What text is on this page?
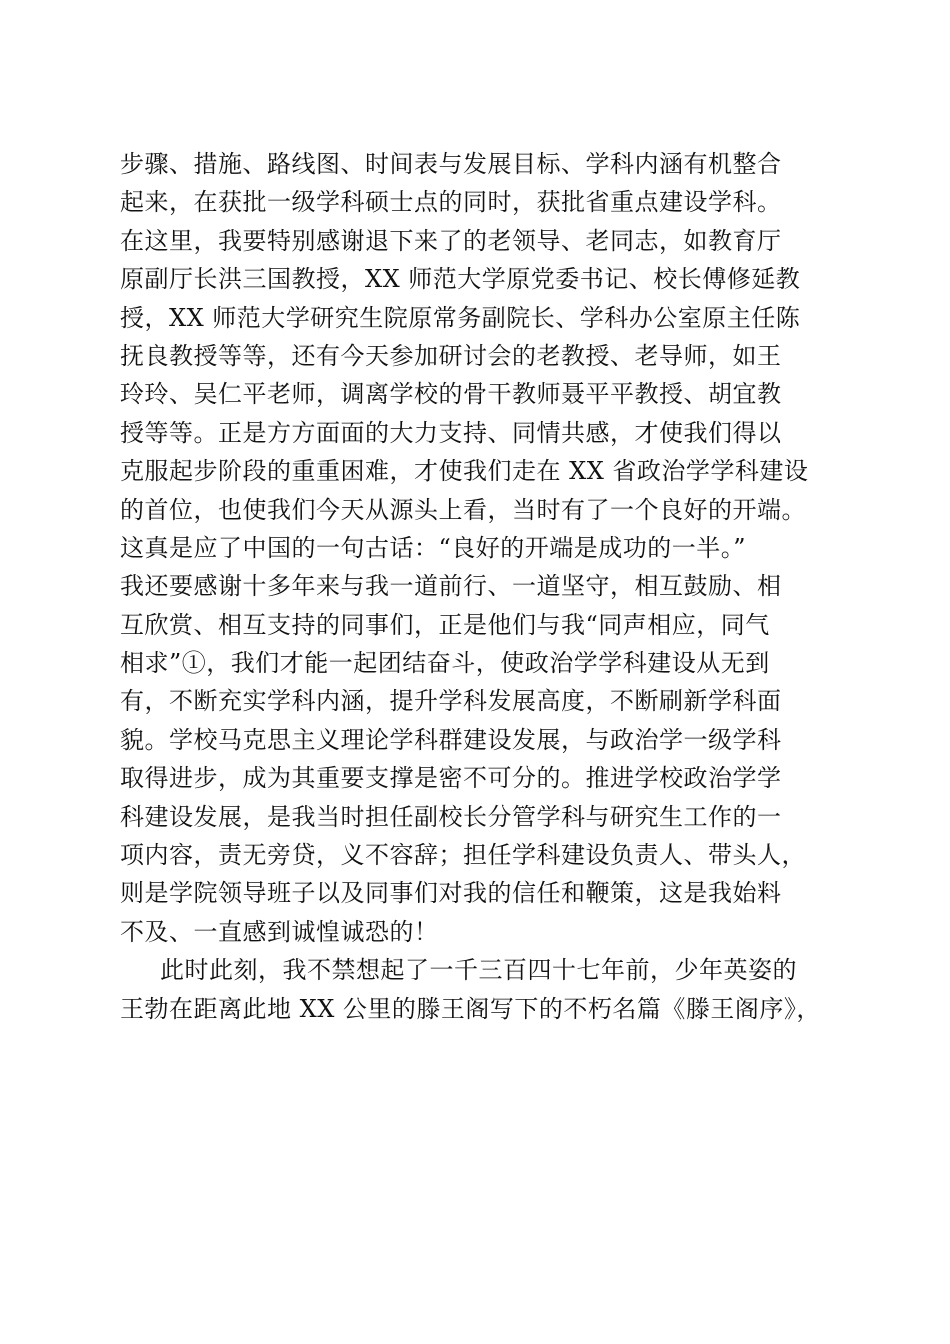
步骤、措施、路线图、时间表与发展目标、学科内涵有机整合
起来，在获批一级学科硕士点的同时，获批省重点建设学科。
在这里，我要特别感谢退下来了的老领导、老同志，如教育厅
原副厅长洪三国教授，XX 师范大学原党委书记、校长傅修延教
授，XX 师范大学研究生院原常务副院长、学科办公室原主任陈
抚良教授等等，还有今天参加研讨会的老教授、老导师，如王
玲玲、吴仁平老师，调离学校的骨干教师聂平平教授、胡宜教
授等等。正是方方面面的大力支持、同情共感，才使我们得以
克服起步阶段的重重困难，才使我们走在 XX 省政治学学科建设
的首位，也使我们今天从源头上看，当时有了一个良好的开端。
这真是应了中国的一句古话：“良好的开端是成功的一半。”
我还要感谢十多年来与我一道前行、一道坚守，相互鼓励、相
互欣赏、相互支持的同事们，正是他们与我“同声相应，同气
相求”①，我们才能一起团结奋斗，使政治学学科建设从无到
有，不断充实学科内涵，提升学科发展高度，不断刷新学科面
貌。学校马克思主义理论学科群建设发展，与政治学一级学科
取得进步，成为其重要支撑是密不可分的。推进学校政治学学
科建设发展，是我当时担任副校长分管学科与研究生工作的一
项内容，责无旁贷，义不容辞；担任学科建设负责人、带头人，
则是学院领导班子以及同事们对我的信任和鞭策，这是我始料
不及、一直感到诚惶诚恐的！
此时此刻，我不禁想起了一千三百四十七年前，少年英姿的
王勃在距离此地 XX 公里的滕王阁写下的不朽名篇《滕王阁序》，
